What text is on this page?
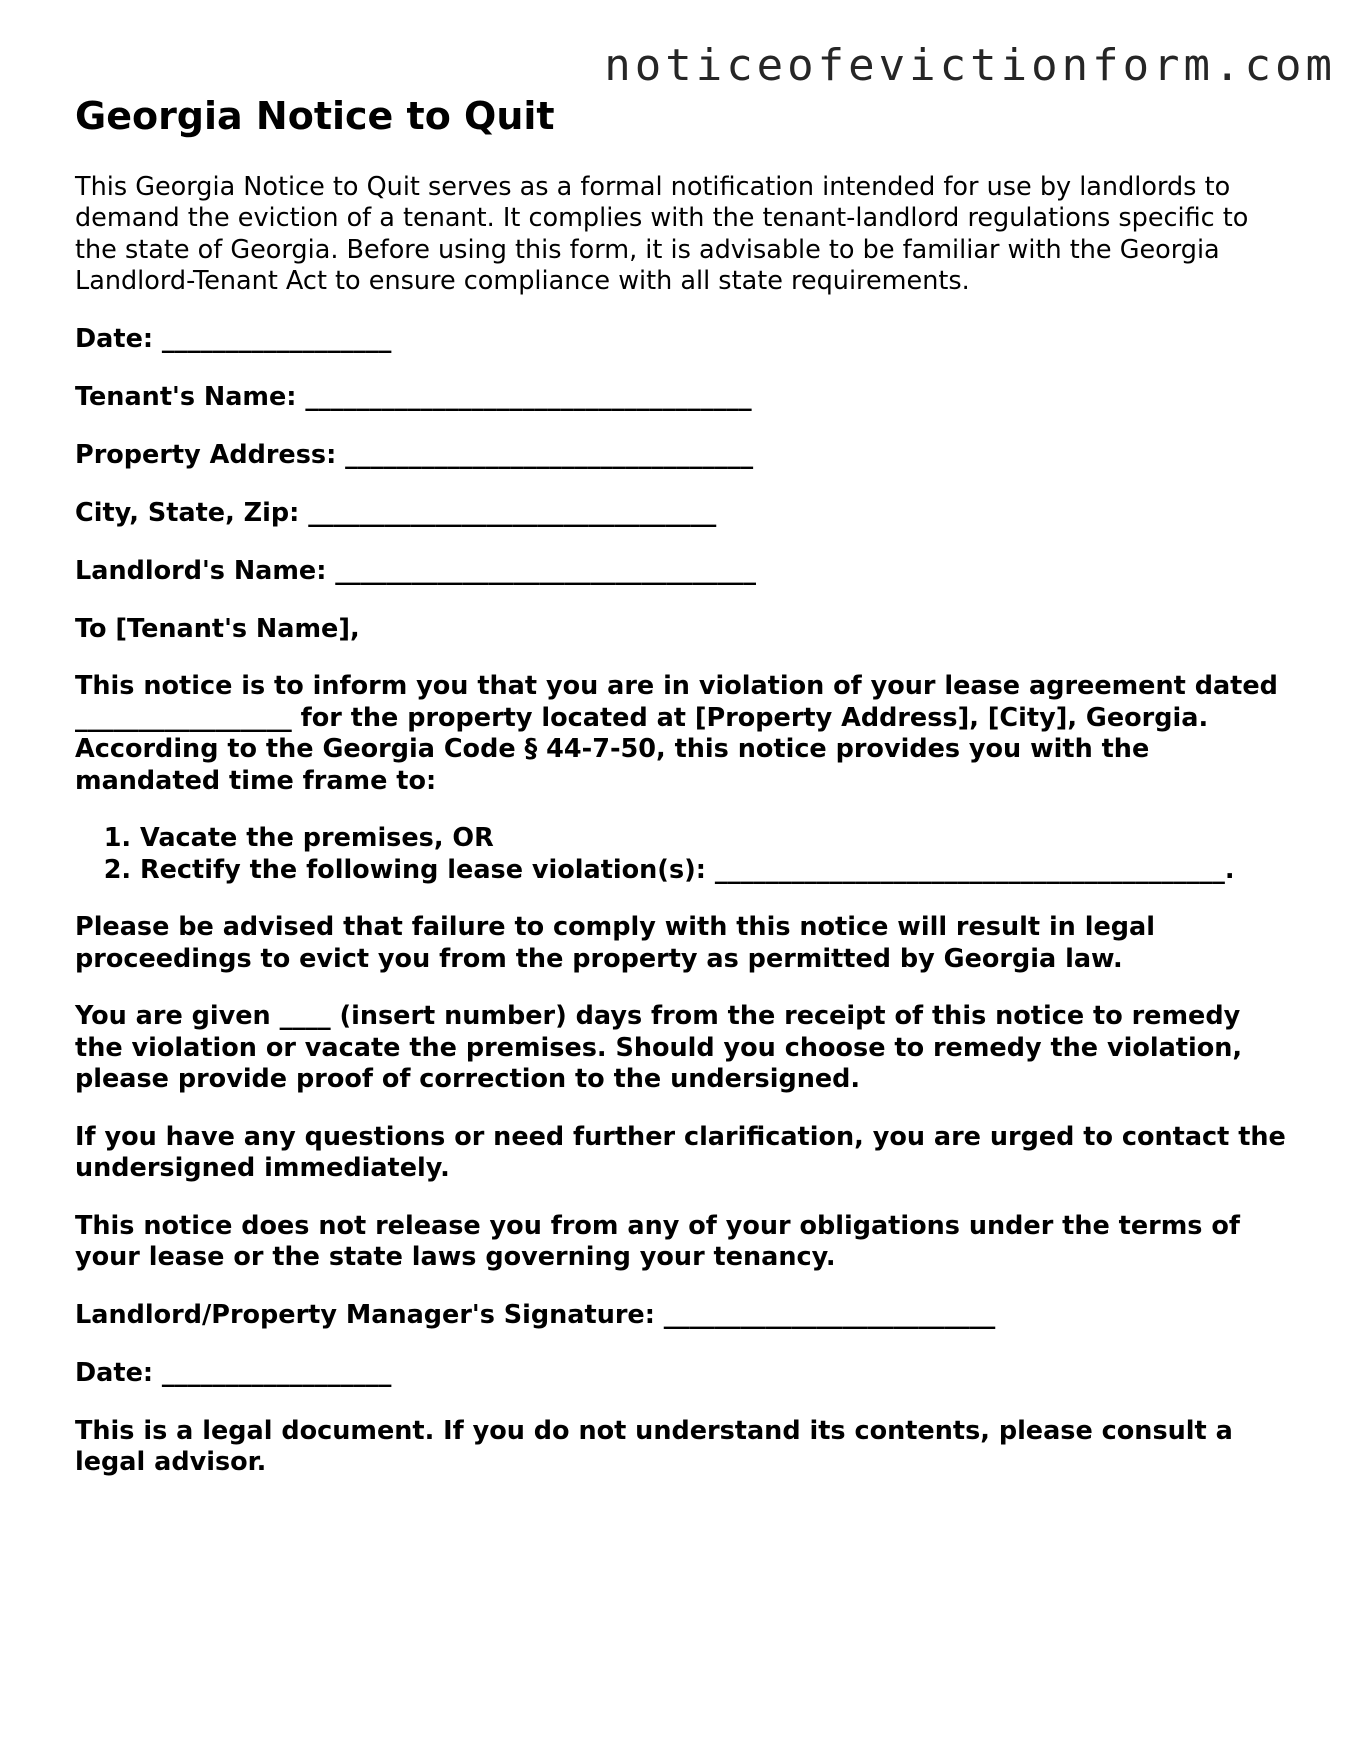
noticeofevictionform.com
Georgia Notice to Quit

This Georgia Notice to Quit serves as a formal notification intended for use by landlords to demand the eviction of a tenant. It complies with the tenant-landlord regulations specific to the state of Georgia. Before using this form, it is advisable to be familiar with the Georgia Landlord-Tenant Act to ensure compliance with all state requirements.

Date: __________________

Tenant's Name: ___________________________________

Property Address: ________________________________

City, State, Zip: ________________________________

Landlord's Name: _________________________________

To [Tenant's Name],

This notice is to inform you that you are in violation of your lease agreement dated _________________ for the property located at [Property Address], [City], Georgia. According to the Georgia Code § 44-7-50, this notice provides you with the mandated time frame to:

1. Vacate the premises, OR
2. Rectify the following lease violation(s): ________________________________________.

Please be advised that failure to comply with this notice will result in legal proceedings to evict you from the property as permitted by Georgia law.

You are given ____ (insert number) days from the receipt of this notice to remedy the violation or vacate the premises. Should you choose to remedy the violation, please provide proof of correction to the undersigned.

If you have any questions or need further clarification, you are urged to contact the undersigned immediately.

This notice does not release you from any of your obligations under the terms of your lease or the state laws governing your tenancy.

Landlord/Property Manager's Signature: __________________________

Date: __________________

This is a legal document. If you do not understand its contents, please consult a legal advisor.
